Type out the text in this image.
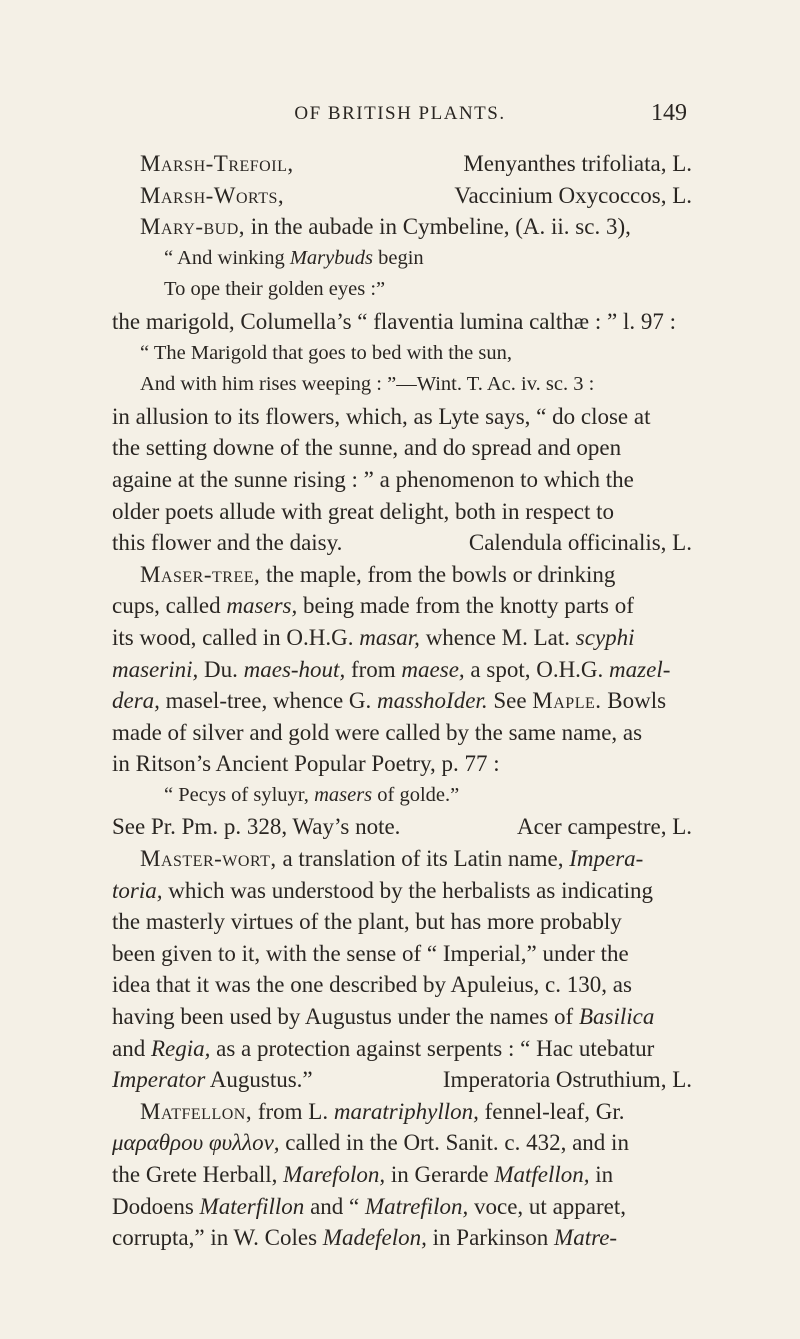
OF BRITISH PLANTS.	149
Marsh-Trefoil,	Menyanthes trifoliata, L.
Marsh-Worts,	Vaccinium Oxycoccos, L.
Mary-bud, in the aubade in Cymbeline, (A. ii. sc. 3),
“ And winking Marybuds begin
To ope their golden eyes :”
the marigold, Columella’s “ flaventia lumina calthæ : ” l. 97 :
“ The Marigold that goes to bed with the sun,
And with him rises weeping : ”—Wint. T. Ac. iv. sc. 3 :
in allusion to its flowers, which, as Lyte says, “ do close at
the setting downe of the sunne, and do spread and open
againe at the sunne rising : ” a phenomenon to which the
older poets allude with great delight, both in respect to
this flower and the daisy.	Calendula officinalis, L.
Maser-tree, the maple, from the bowls or drinking
cups, called masers, being made from the knotty parts of
its wood, called in O.H.G. masar, whence M. Lat. scyphi
maserini, Du. maes-hout, from maese, a spot, O.H.G. mazel-
dera, masel-tree, whence G. masshoIder. See Maple. Bowls
made of silver and gold were called by the same name, as
in Ritson’s Ancient Popular Poetry, p. 77 :
“ Pecys of syluyr, masers of golde.”
See Pr. Pm. p. 328, Way’s note.	Acer campestre, L.
Master-wort, a translation of its Latin name, Impera-
toria, which was understood by the herbalists as indicating
the masterly virtues of the plant, but has more probably
been given to it, with the sense of “ Imperial,” under the
idea that it was the one described by Apuleius, c. 130, as
having been used by Augustus under the names of Basilica
and Regia, as a protection against serpents : “ Hac utebatur
Imperator Augustus.”	Imperatoria Ostruthium, L.
Matfellon, from L. maratriphyllon, fennel-leaf, Gr.
μαραθρου φυλλον, called in the Ort. Sanit. c. 432, and in
the Grete Herball, Marefolon, in Gerarde Matfellon, in
Dodoens Materfillon and “ Matrefilon, voce, ut apparet,
corrupta,” in W. Coles Madefelon, in Parkinson Matre-
